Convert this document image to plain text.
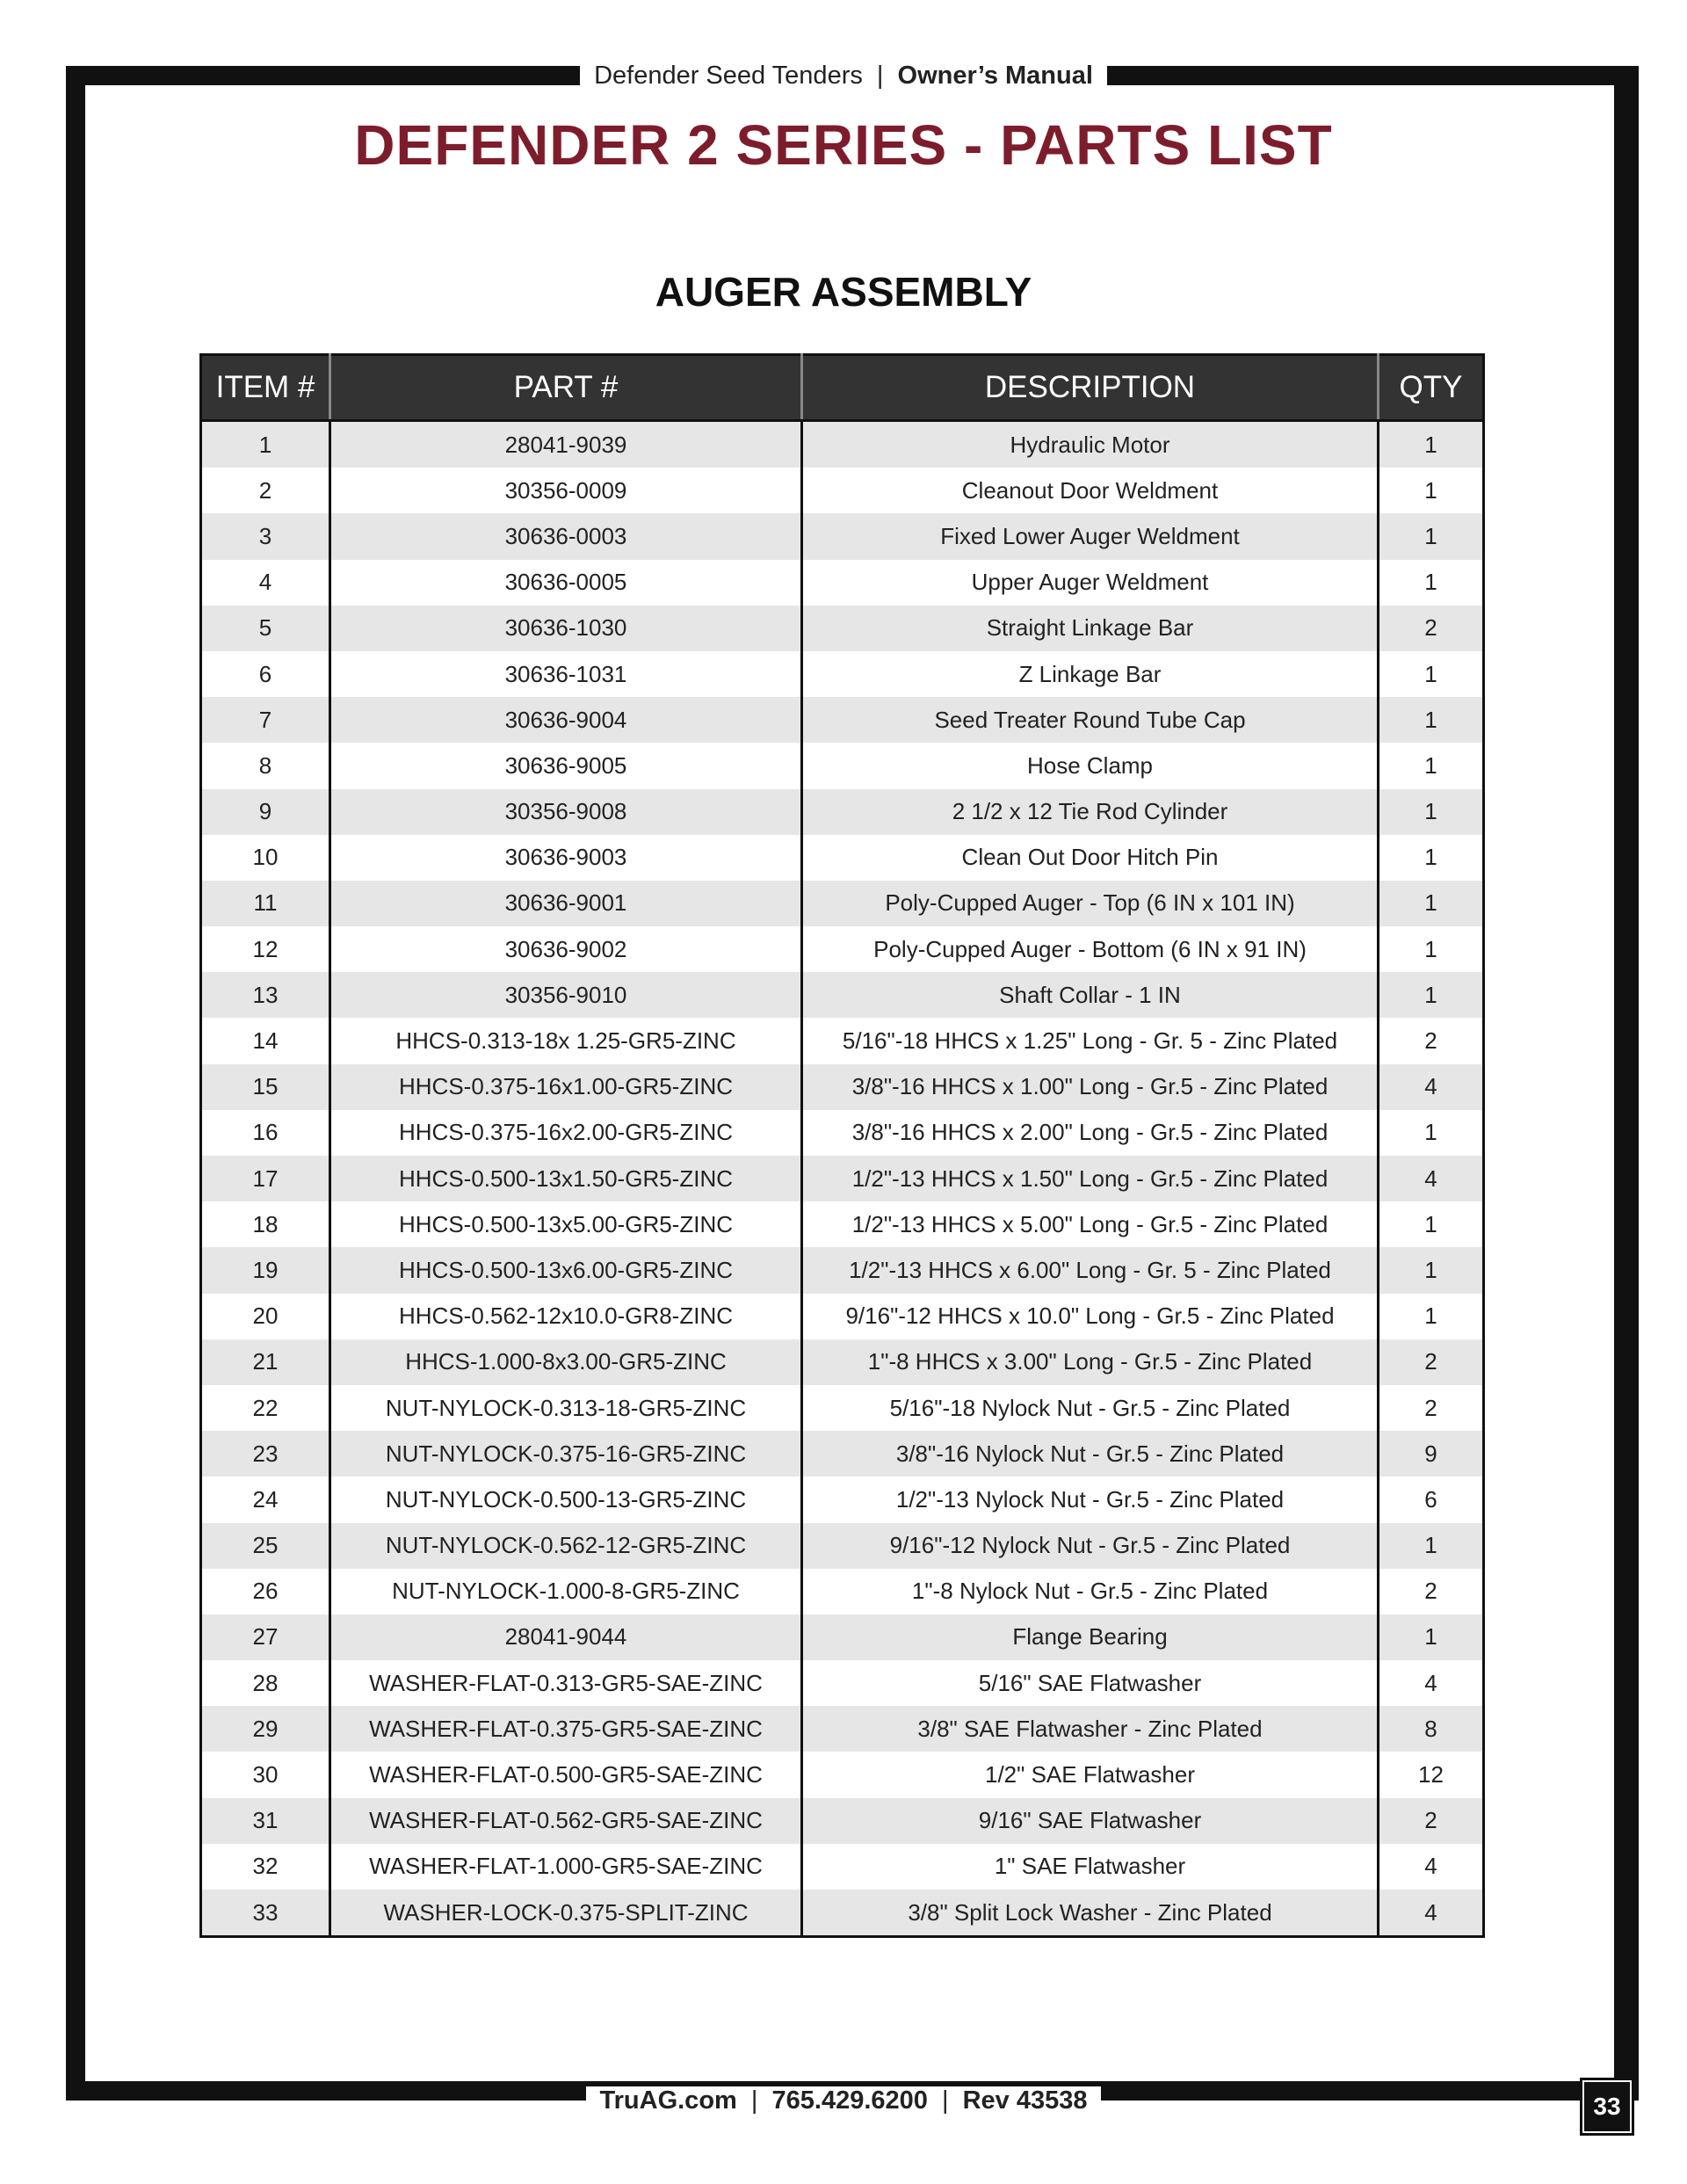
Defender Seed Tenders | Owner’s Manual
DEFENDER 2 SERIES - PARTS LIST
AUGER ASSEMBLY
ITEM #	PART #	DESCRIPTION	QTY
1	28041-9039	Hydraulic Motor	1
2	30356-0009	Cleanout Door Weldment	1
3	30636-0003	Fixed Lower Auger Weldment	1
4	30636-0005	Upper Auger Weldment	1
5	30636-1030	Straight Linkage Bar	2
6	30636-1031	Z Linkage Bar	1
7	30636-9004	Seed Treater Round Tube Cap	1
8	30636-9005	Hose Clamp	1
9	30356-9008	2 1/2 x 12 Tie Rod Cylinder	1
10	30636-9003	Clean Out Door Hitch Pin	1
11	30636-9001	Poly-Cupped Auger - Top (6 IN x 101 IN)	1
12	30636-9002	Poly-Cupped Auger - Bottom (6 IN x 91 IN)	1
13	30356-9010	Shaft Collar - 1 IN	1
14	HHCS-0.313-18x 1.25-GR5-ZINC	5/16"-18 HHCS x 1.25" Long - Gr. 5 - Zinc Plated	2
15	HHCS-0.375-16x1.00-GR5-ZINC	3/8"-16 HHCS x 1.00" Long - Gr.5 - Zinc Plated	4
16	HHCS-0.375-16x2.00-GR5-ZINC	3/8"-16 HHCS x 2.00" Long - Gr.5 - Zinc Plated	1
17	HHCS-0.500-13x1.50-GR5-ZINC	1/2"-13 HHCS x 1.50" Long - Gr.5 - Zinc Plated	4
18	HHCS-0.500-13x5.00-GR5-ZINC	1/2"-13 HHCS x 5.00" Long - Gr.5 - Zinc Plated	1
19	HHCS-0.500-13x6.00-GR5-ZINC	1/2"-13 HHCS x 6.00" Long - Gr. 5 - Zinc Plated	1
20	HHCS-0.562-12x10.0-GR8-ZINC	9/16"-12 HHCS x 10.0" Long - Gr.5 - Zinc Plated	1
21	HHCS-1.000-8x3.00-GR5-ZINC	1"-8 HHCS x 3.00" Long - Gr.5 - Zinc Plated	2
22	NUT-NYLOCK-0.313-18-GR5-ZINC	5/16"-18 Nylock Nut - Gr.5 - Zinc Plated	2
23	NUT-NYLOCK-0.375-16-GR5-ZINC	3/8"-16 Nylock Nut - Gr.5 - Zinc Plated	9
24	NUT-NYLOCK-0.500-13-GR5-ZINC	1/2"-13 Nylock Nut - Gr.5 - Zinc Plated	6
25	NUT-NYLOCK-0.562-12-GR5-ZINC	9/16"-12 Nylock Nut - Gr.5 - Zinc Plated	1
26	NUT-NYLOCK-1.000-8-GR5-ZINC	1"-8 Nylock Nut - Gr.5 - Zinc Plated	2
27	28041-9044	Flange Bearing	1
28	WASHER-FLAT-0.313-GR5-SAE-ZINC	5/16" SAE Flatwasher	4
29	WASHER-FLAT-0.375-GR5-SAE-ZINC	3/8" SAE Flatwasher - Zinc Plated	8
30	WASHER-FLAT-0.500-GR5-SAE-ZINC	1/2" SAE Flatwasher	12
31	WASHER-FLAT-0.562-GR5-SAE-ZINC	9/16" SAE Flatwasher	2
32	WASHER-FLAT-1.000-GR5-SAE-ZINC	1" SAE Flatwasher	4
33	WASHER-LOCK-0.375-SPLIT-ZINC	3/8" Split Lock Washer - Zinc Plated	4
TruAG.com | 765.429.6200 | Rev 43538	33
